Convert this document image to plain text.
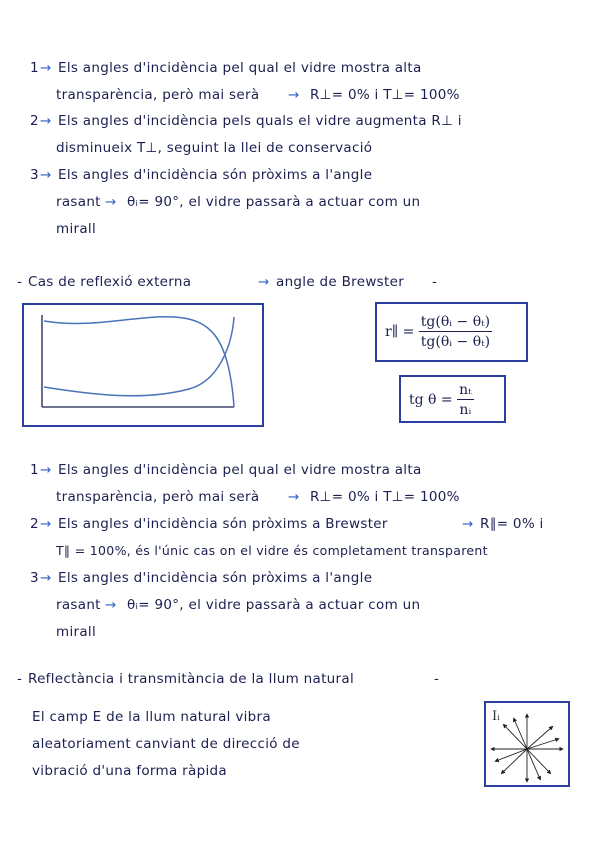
1 → Els angles d'incidència pel qual el vidre mostra alta
transparència, però mai serà → R⊥= 0% i T⊥= 100%
2 → Els angles d'incidència pels quals el vidre augmenta R⊥ i
disminueix T⊥, seguint la llei de conservació
3 → Els angles d'incidència són pròxims a l'angle
rasant → θᵢ= 90°, el vidre passarà a actuar com un
mirall
- Cas de reflexió externa	→ angle de Brewster -
r∥ = $\frac{\text{tg(θᵢ − θₜ)}}{\text{tg(θᵢ − θₜ)}}$
tg $\theta = \frac{\text{nₜ}}{\text{nᵢ}}$
1 → Els angles d'incidència pel qual el vidre mostra alta
transparència, però mai serà → R⊥= 0% i T⊥= 100%
2 → Els angles d'incidència són pròxims a Brewster	→ R∥= 0% i
T∥ = 100%, és l'únic cas on el vidre és completament transparent
3 → Els angles d'incidència són pròxims a l'angle
rasant → θᵢ= 90°, el vidre passarà a actuar com un
mirall
- Reflectància i transmitància de la llum natural	-
El camp E de la llum natural vibra
aleatoriament canviant de direcció de
vibració d'una forma ràpida
Iᵢ
